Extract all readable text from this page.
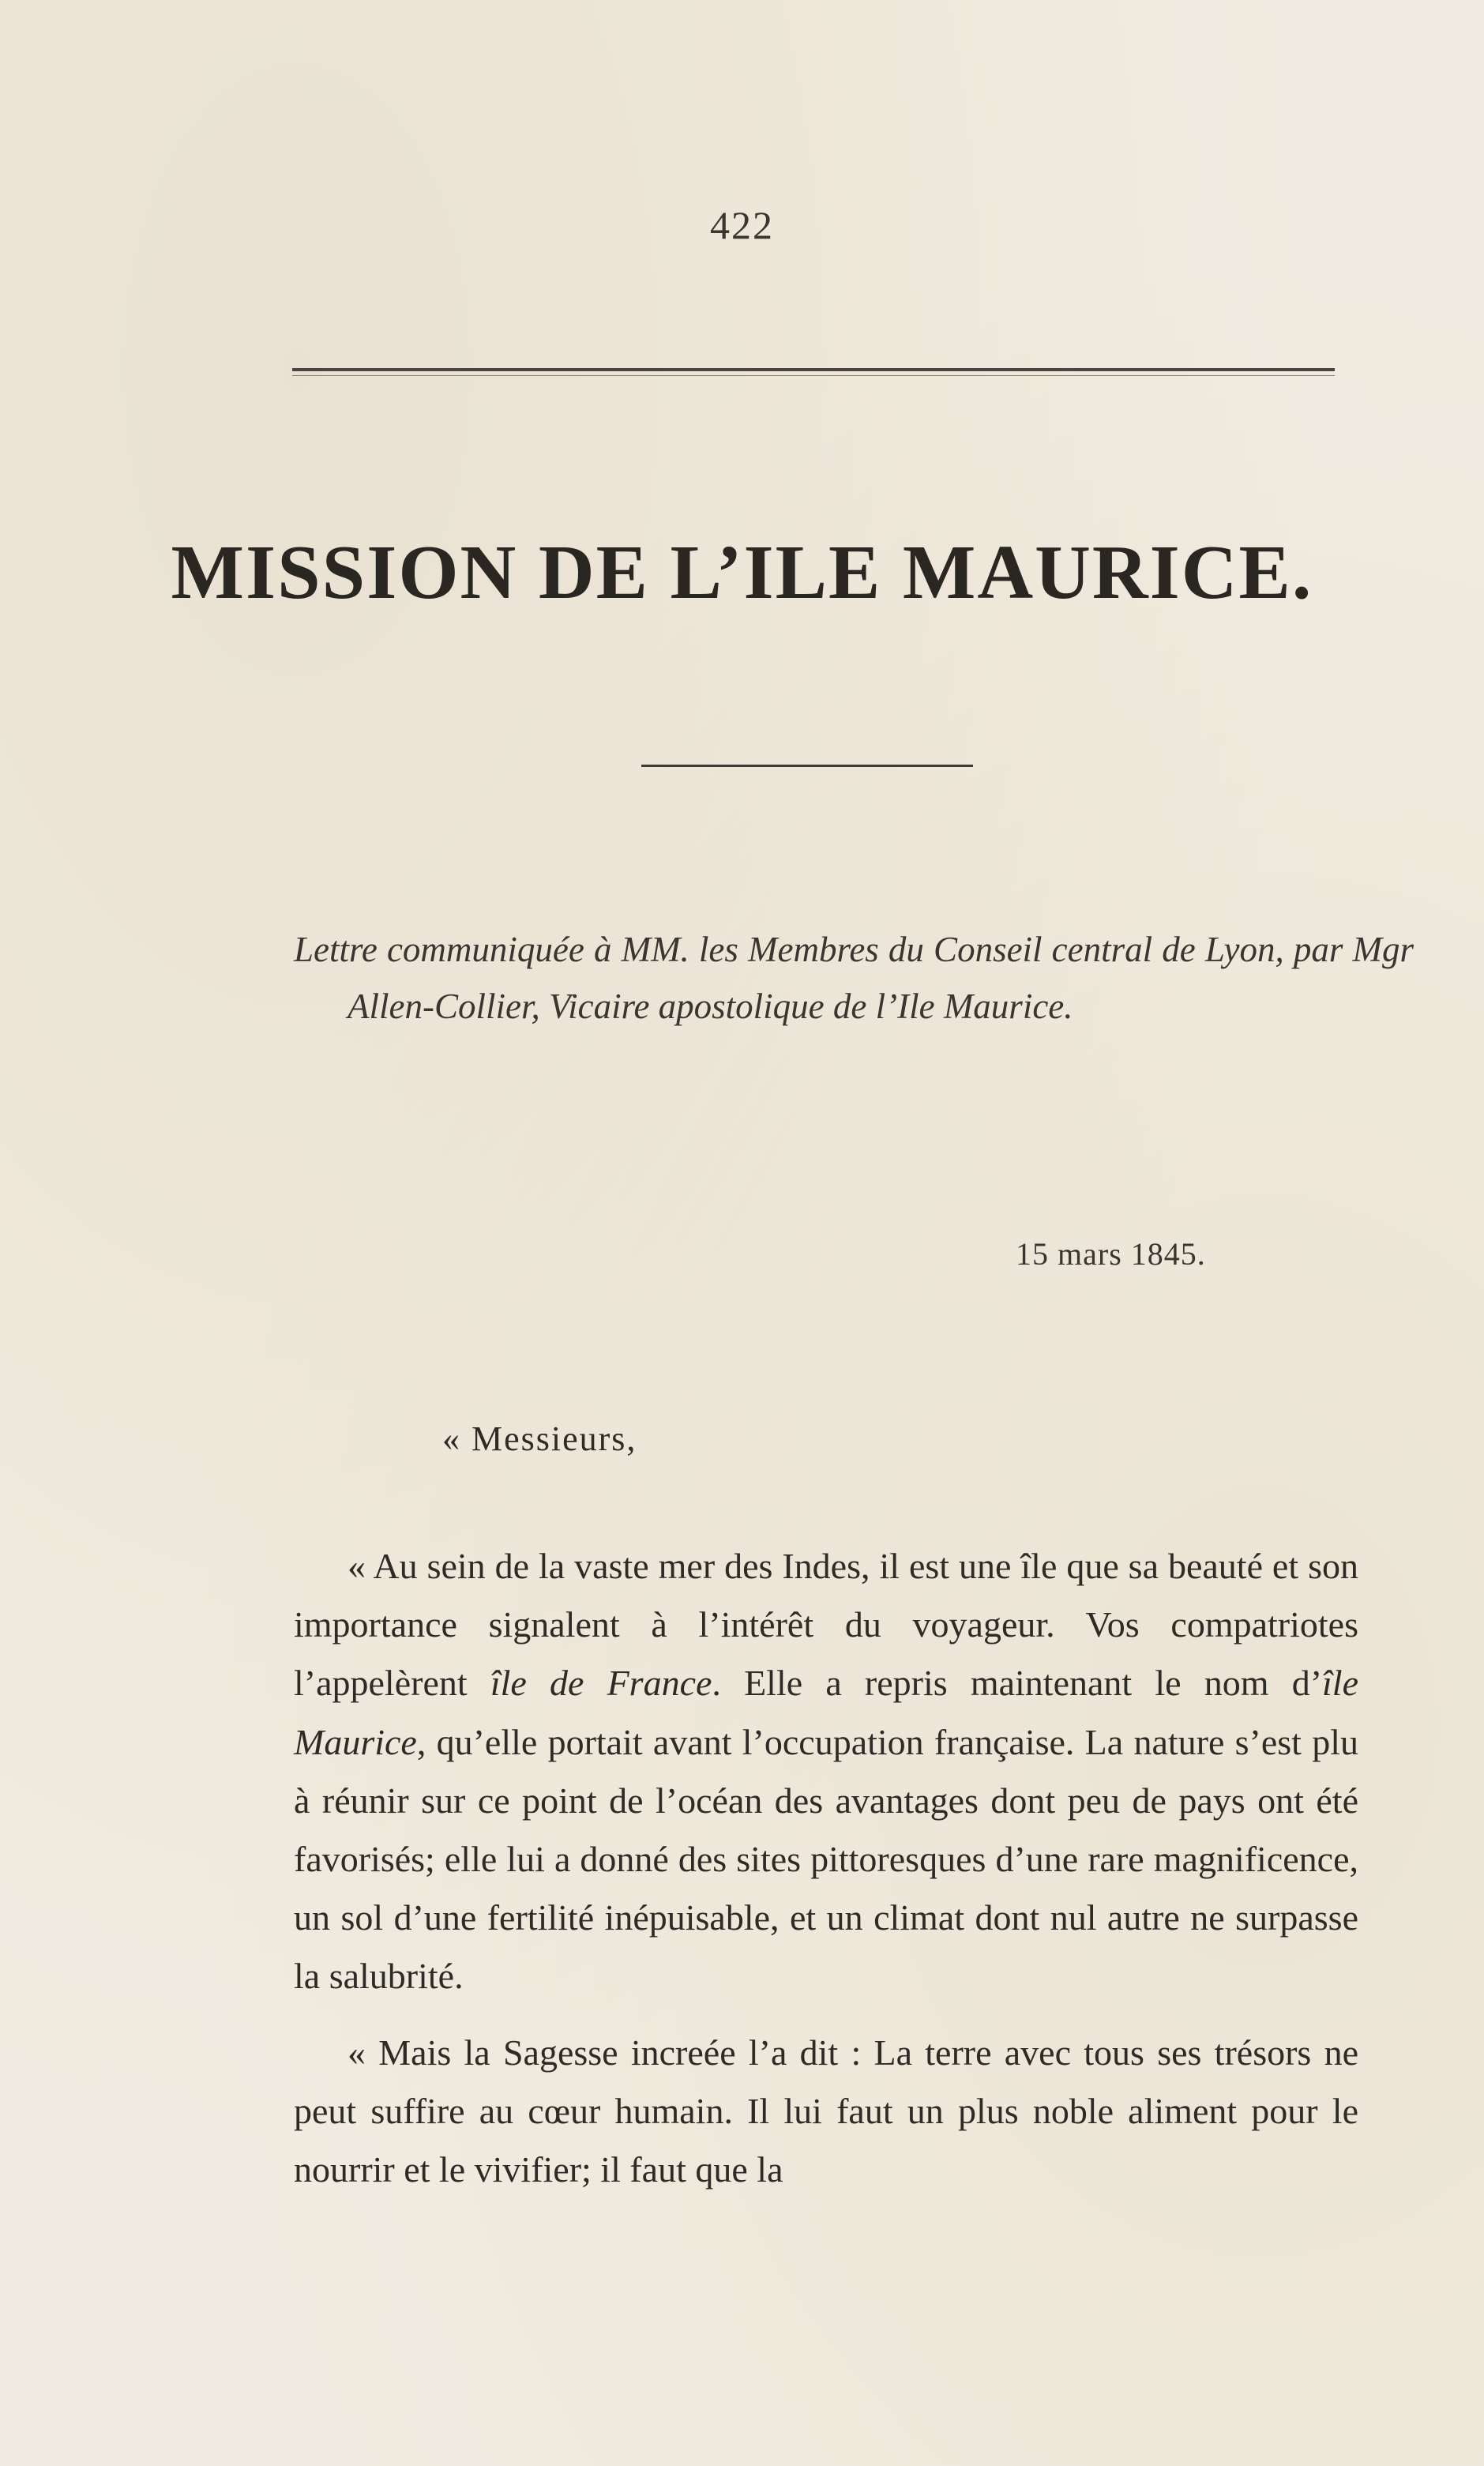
422
MISSION DE L’ILE MAURICE.

Lettre communiquée à MM. les Membres du Conseil central de Lyon, par Mgr Allen-Collier, Vicaire apostolique de l’Ile Maurice.

15 mars 1845.
« Messieurs,

« Au sein de la vaste mer des Indes, il est une île que sa beauté et son importance signalent à l’intérêt du voyageur. Vos compatriotes l’appelèrent île de France. Elle a repris maintenant le nom d’île Maurice, qu’elle portait avant l’occupation française. La nature s’est plu à réunir sur ce point de l’océan des avantages dont peu de pays ont été favorisés; elle lui a donné des sites pittoresques d’une rare magnificence, un sol d’une fertilité inépuisable, et un climat dont nul autre ne surpasse la salubrité.

« Mais la Sagesse increée l’a dit : La terre avec tous ses trésors ne peut suffire au cœur humain. Il lui faut un plus noble aliment pour le nourrir et le vivifier; il faut que la
